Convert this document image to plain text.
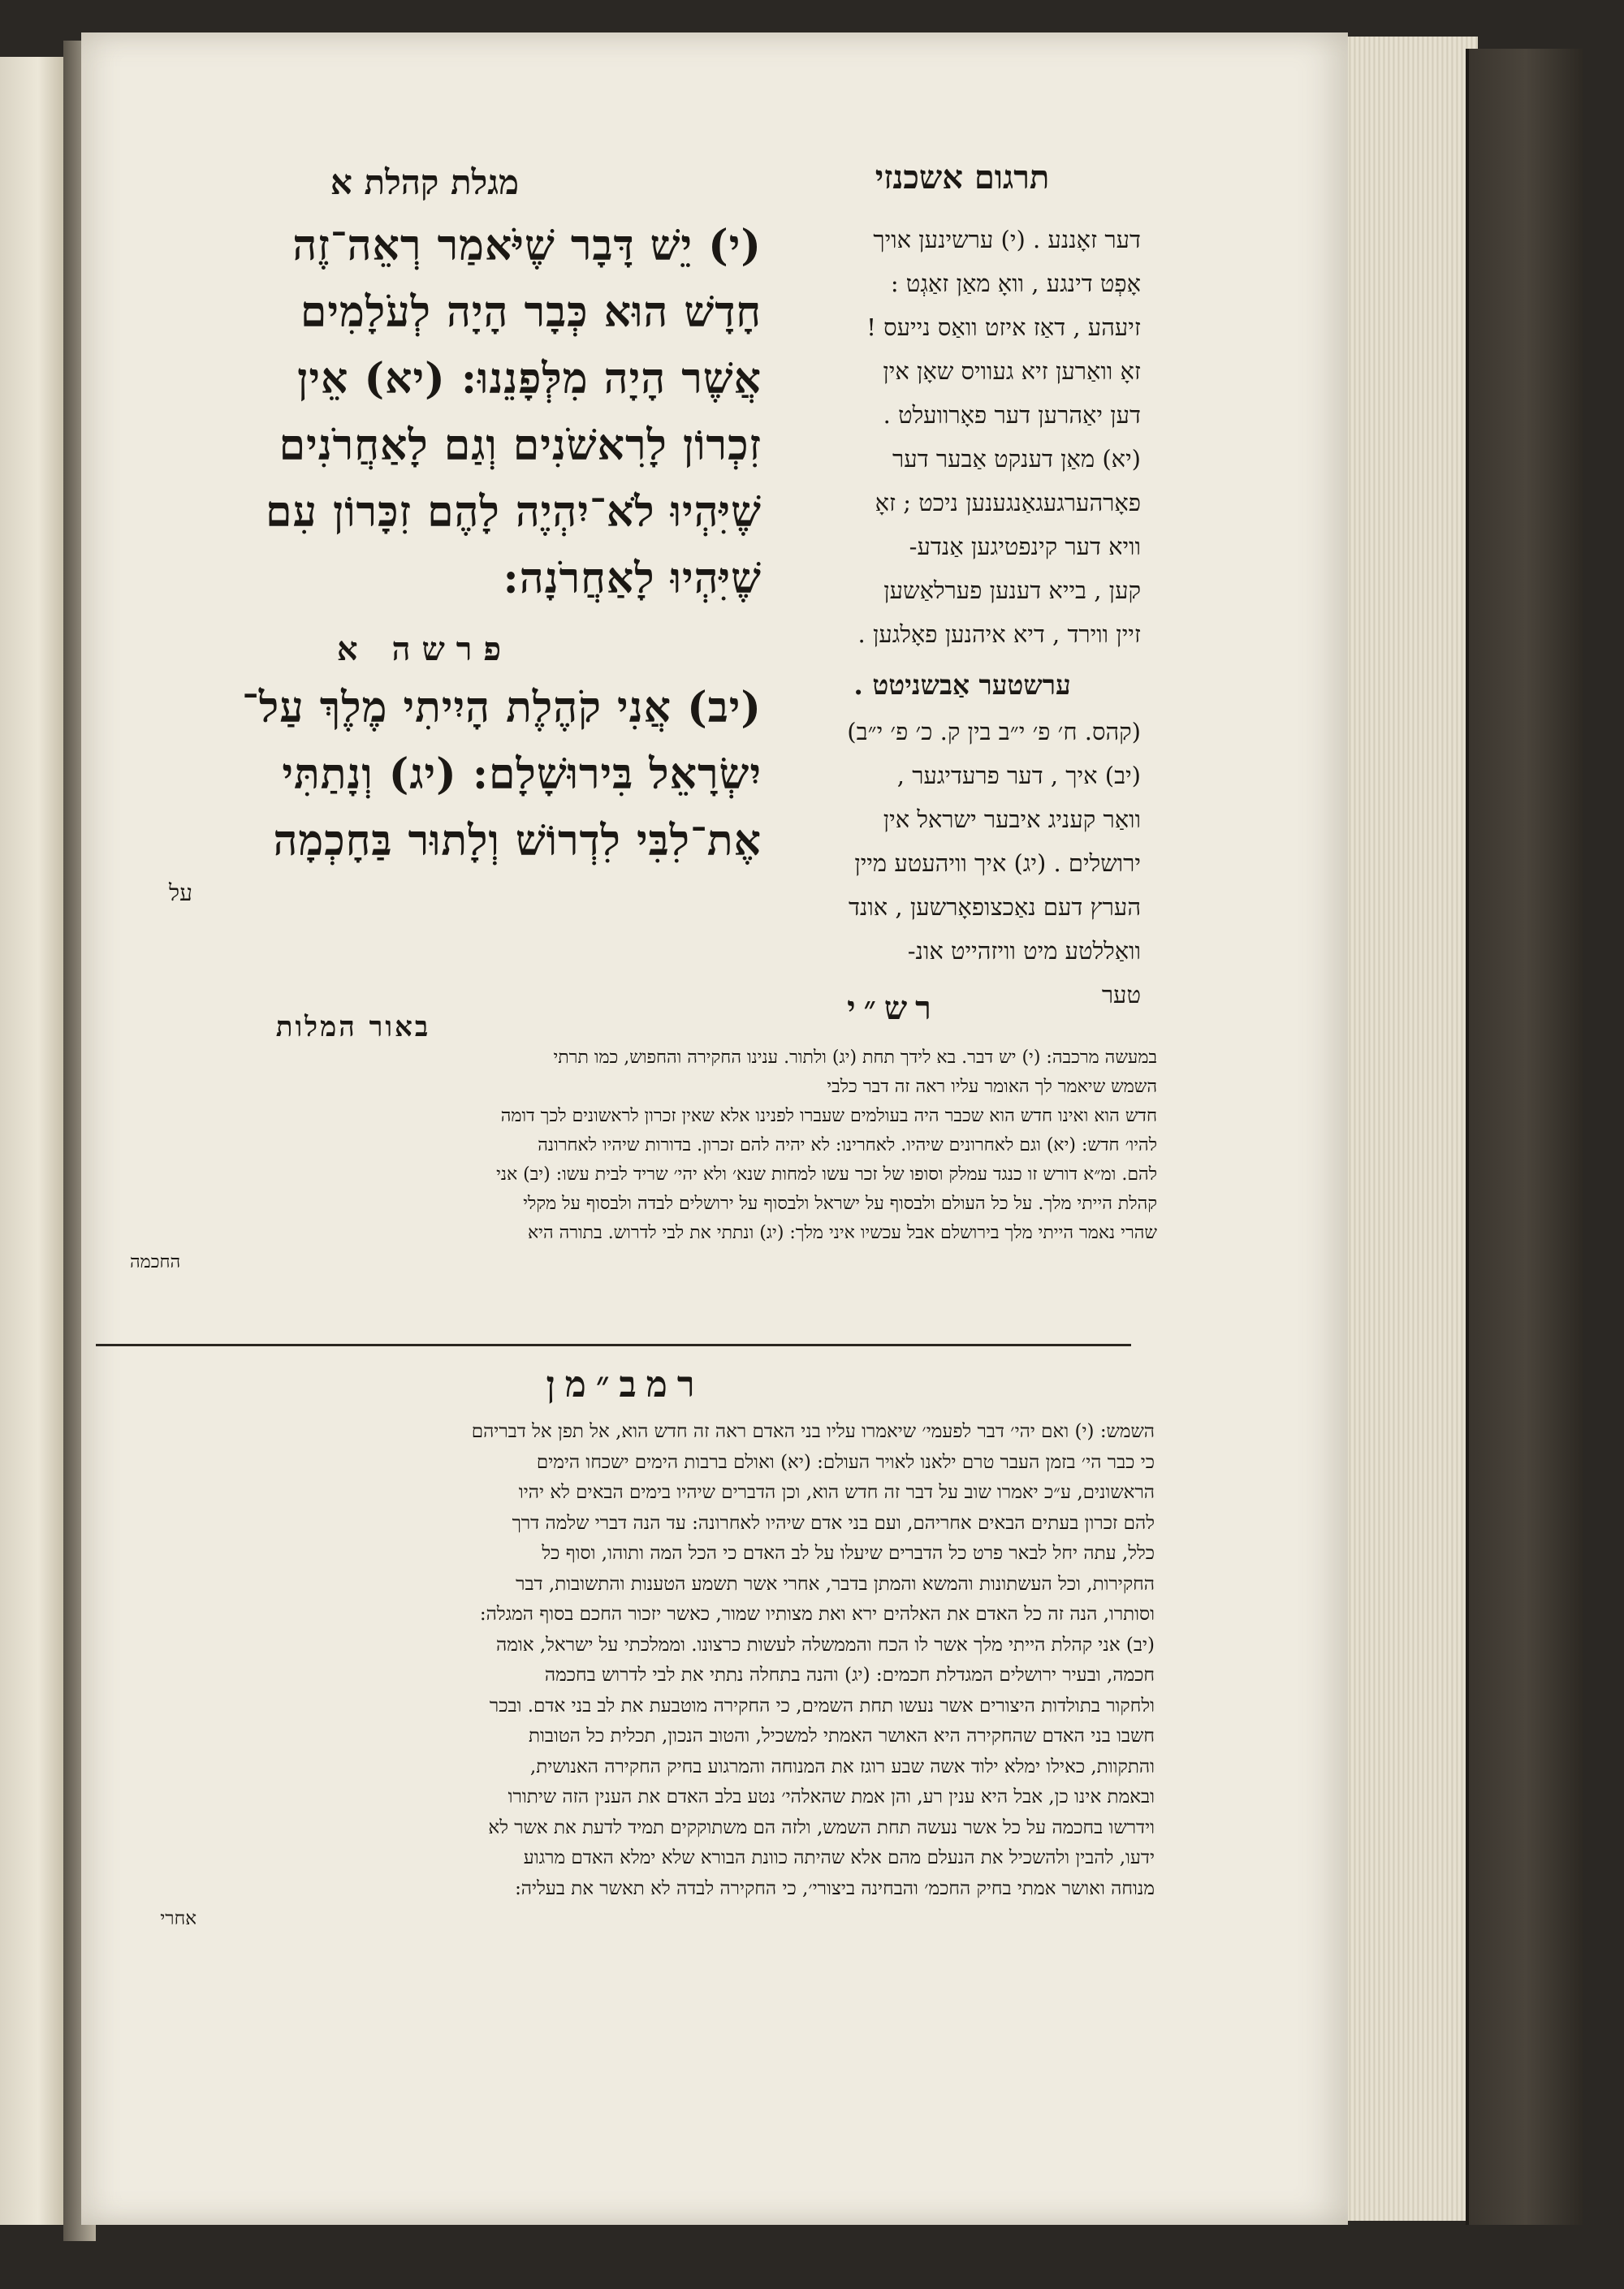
תרגום אשכנזי
דער זאָננע . (י) ערשינען אויך
אָפְט דינגע , וואָ מאַן זאַגְט :
זיעהע , דאַז איזט וואַס נייעס !
זאָ וואַרען זיא געוויס שאָן אין
דען יאַהרען דער פאָרוועלט .
(יא) מאַן דענקט אַבער דער
פאָרהערגעגאַנגענען ניכט ; זאָ
וויא דער קינפטיגען אַנדע-
קען , בייא דענען פערלאַשען
זיין ווירד , דיא איהנען פאָלגען .
ערשטער אַבשניטט .
(קהס. ח׳ פ׳ י״ב בין ק. כ׳ פ׳ י״ב)
(יב) איך , דער פרעדיגער ,
וואַר קעניג איבער ישראל אין
ירושלים . (יג) איך וויהעטע מיין
הערץ דעם נאַכצופאָרשען , אונד
וואַללטע מיט וויזהייט אונ-
טער
מגלת קהלת א
(י) יֵשׁ דָּבָר שֶׁיֹּאמַר רְאֵה־זֶה
חָדָשׁ הוּא כְּבָר הָיָה לְעֹלָמִים
אֲשֶׁר הָיָה מִלְּפָנֵנוּ: (יא) אֵין
זִכְרוֹן לָרִאשֹׁנִים וְגַם לָאַחֲרֹנִים
שֶׁיִּהְיוּ לֹא־יִהְיֶה לָהֶם זִכָּרוֹן עִם
שֶׁיִּהְיוּ לָאַחֲרֹנָה:
פרשה א
(יב) אֲנִי קֹהֶלֶת הָיִיתִי מֶלֶךְ עַל־
יִשְׂרָאֵל בִּירוּשָׁלָם: (יג) וְנָתַתִּי
אֶת־לִבִּי לִדְרוֹשׁ וְלָתוּר בַּחָכְמָה
על
רש״י
באור המלות
במעשה מרכבה: (י) יש דבר. בא לידך תחת (יג) ולתור. ענינו החקירה והחפוש, כמו תרתי
השמש שיאמר לך האומר עליו ראה זה דבר כלבי
חדש הוא ואינו חדש הוא שכבר היה בעולמים שעברו לפנינו אלא שאין זכרון לראשונים לכך דומה
להיו׳ חדש: (יא) וגם לאחרונים שיהיו. לאחרינו: לא יהיה להם זכרון. בדורות שיהיו לאחרונה
להם. ומ״א דורש זו כנגד עמלק וסופו של זכר עשו למחות שנא׳ ולא יהי׳ שריד לבית עשו: (יב) אני
קהלת הייתי מלך. על כל העולם ולבסוף על ישראל ולבסוף על ירושלים לבדה ולבסוף על מקלי
שהרי נאמר הייתי מלך בירושלם אבל עכשיו איני מלך: (יג) ונתתי את לבי לדרוש. בתורה היא
החכמה
רמב״מן
השמש: (י) ואם יהי׳ דבר לפעמי׳ שיאמרו עליו בני האדם ראה זה חדש הוא, אל תפן אל דבריהם
כי כבר הי׳ בזמן העבר טרם ילאנו לאויר העולם: (יא) ואולם ברבות הימים ישכחו הימים
הראשונים, ע״כ יאמרו שוב על דבר זה חדש הוא, וכן הדברים שיהיו בימים הבאים לא יהיו
להם זכרון בעתים הבאים אחריהם, ועם בני אדם שיהיו לאחרונה: עד הנה דברי שלמה דרך
כלל, עתה יחל לבאר פרט כל הדברים שיעלו על לב האדם כי הכל המה ותוהו, וסוף כל
החקירות, וכל העשתונות והמשא והמתן בדבר, אחרי אשר תשמע הטענות והתשובות, דבר
וסותרו, הנה זה כל האדם את האלהים ירא ואת מצותיו שמור, כאשר יזכור החכם בסוף המגלה:
(יב) אני קהלת הייתי מלך אשר לו הכח והממשלה לעשות כרצונו. וממלכתי על ישראל, אומה
חכמה, ובעיר ירושלים המגדלת חכמים: (יג) והנה בתחלה נתתי את לבי לדרוש בחכמה
ולחקור בתולדות היצורים אשר נעשו תחת השמים, כי החקירה מוטבעת את לב בני אדם. ובכר
חשבו בני האדם שהחקירה היא האושר האמתי למשכיל, והטוב הנכון, תכלית כל הטובות
והתקוות, כאילו ימלא ילוד אשה שבע רוגז את המנוחה והמרגוע בחיק החקירה האנושית,
ובאמת אינו כן, אבל היא ענין רע, והן אמת שהאלהי׳ נטע בלב האדם את הענין הזה שיתורו
וידרשו בחכמה על כל אשר נעשה תחת השמש, ולזה הם משתוקקים תמיד לדעת את אשר לא
ידעו, להבין ולהשכיל את הנעלם מהם אלא שהיתה כוונת הבורא שלא ימלא האדם מרגוע
מנוחה ואושר אמתי בחיק החכמ׳ והבחינה ביצורי׳, כי החקירה לבדה לא תאשר את בעליה:
אחרי
